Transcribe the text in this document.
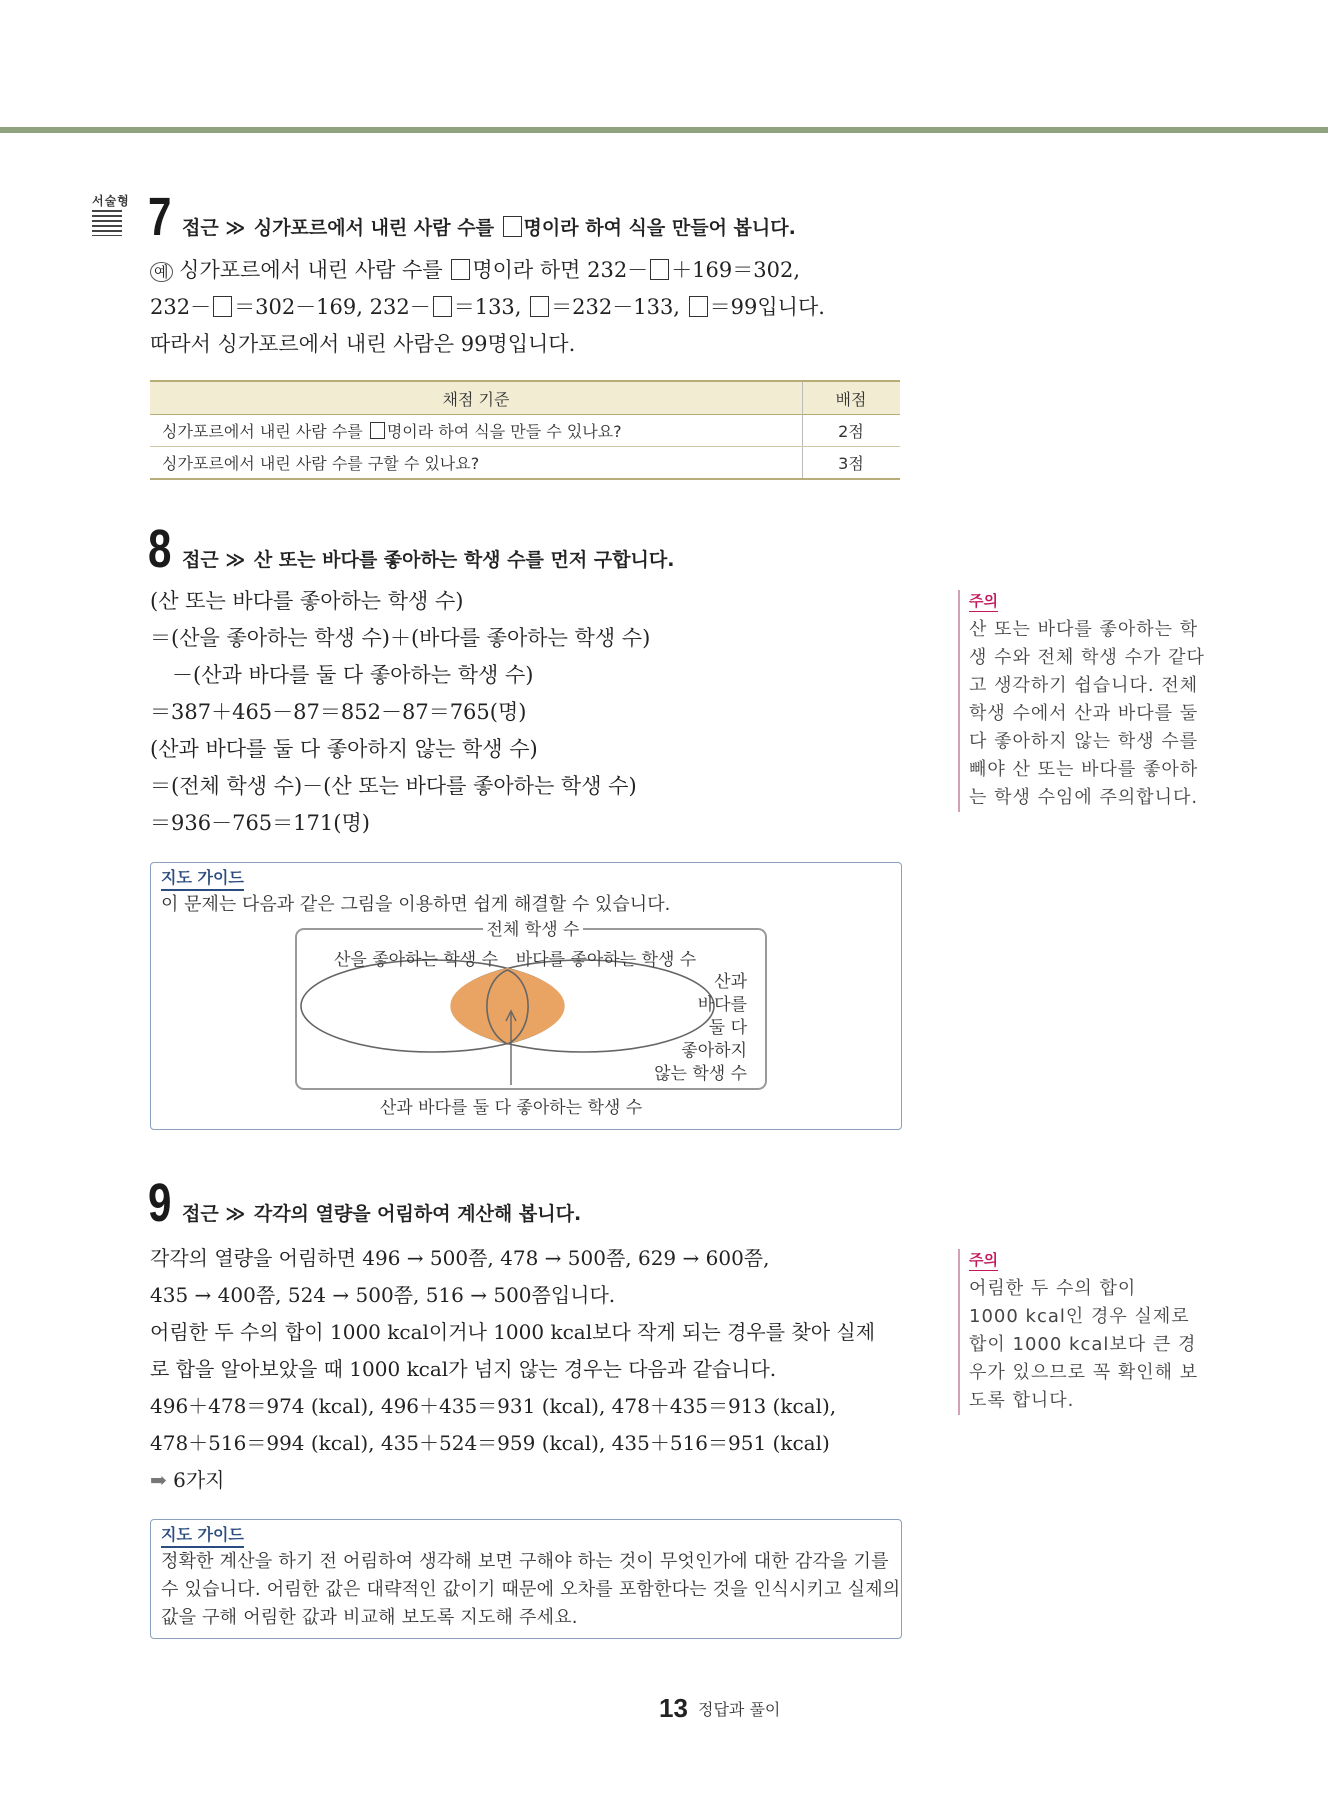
서술형 7 접근 ≫ 싱가포르에서 내린 사람 수를 명이라 하여 식을 만들어 봅니다.
예 싱가포르에서 내린 사람 수를 명이라 하면 232－ ＋169＝302,
232－ ＝302－169, 232－ ＝133, ＝232－133, ＝99입니다.
따라서 싱가포르에서 내린 사람은 99명입니다.
채점 기준	배점
싱가포르에서 내린 사람 수를 명이라 하여 식을 만들 수 있나요?	2점
싱가포르에서 내린 사람 수를 구할 수 있나요?	3점
8 접근 ≫ 산 또는 바다를 좋아하는 학생 수를 먼저 구합니다.
(산 또는 바다를 좋아하는 학생 수)
＝(산을 좋아하는 학생 수)＋(바다를 좋아하는 학생 수)
－(산과 바다를 둘 다 좋아하는 학생 수)
＝387＋465－87＝852－87＝765(명)
(산과 바다를 둘 다 좋아하지 않는 학생 수)
＝(전체 학생 수)－(산 또는 바다를 좋아하는 학생 수)
＝936－765＝171(명)
지도 가이드
이 문제는 다음과 같은 그림을 이용하면 쉽게 해결할 수 있습니다.
전체 학생 수
산을 좋아하는 학생 수 바다를 좋아하는 학생 수
산과
바다를
둘 다
좋아하지
않는 학생 수
산과 바다를 둘 다 좋아하는 학생 수
주의
산 또는 바다를 좋아하는 학
생 수와 전체 학생 수가 같다
고 생각하기 쉽습니다. 전체
학생 수에서 산과 바다를 둘
다 좋아하지 않는 학생 수를
빼야 산 또는 바다를 좋아하
는 학생 수임에 주의합니다.
9 접근 ≫ 각각의 열량을 어림하여 계산해 봅니다.
각각의 열량을 어림하면 496 → 500쯤, 478 → 500쯤, 629 → 600쯤,
435 → 400쯤, 524 → 500쯤, 516 → 500쯤입니다.
어림한 두 수의 합이 1000 kcal이거나 1000 kcal보다 작게 되는 경우를 찾아 실제
로 합을 알아보았을 때 1000 kcal가 넘지 않는 경우는 다음과 같습니다.
496＋478＝974 (kcal), 496＋435＝931 (kcal), 478＋435＝913 (kcal),
478＋516＝994 (kcal), 435＋524＝959 (kcal), 435＋516＝951 (kcal)
➡ 6가지
지도 가이드
정확한 계산을 하기 전 어림하여 생각해 보면 구해야 하는 것이 무엇인가에 대한 감각을 기를
수 있습니다. 어림한 값은 대략적인 값이기 때문에 오차를 포함한다는 것을 인식시키고 실제의
값을 구해 어림한 값과 비교해 보도록 지도해 주세요.
주의
어림한 두 수의 합이
1000 kcal인 경우 실제로
합이 1000 kcal보다 큰 경
우가 있으므로 꼭 확인해 보
도록 합니다.
13 정답과 풀이
